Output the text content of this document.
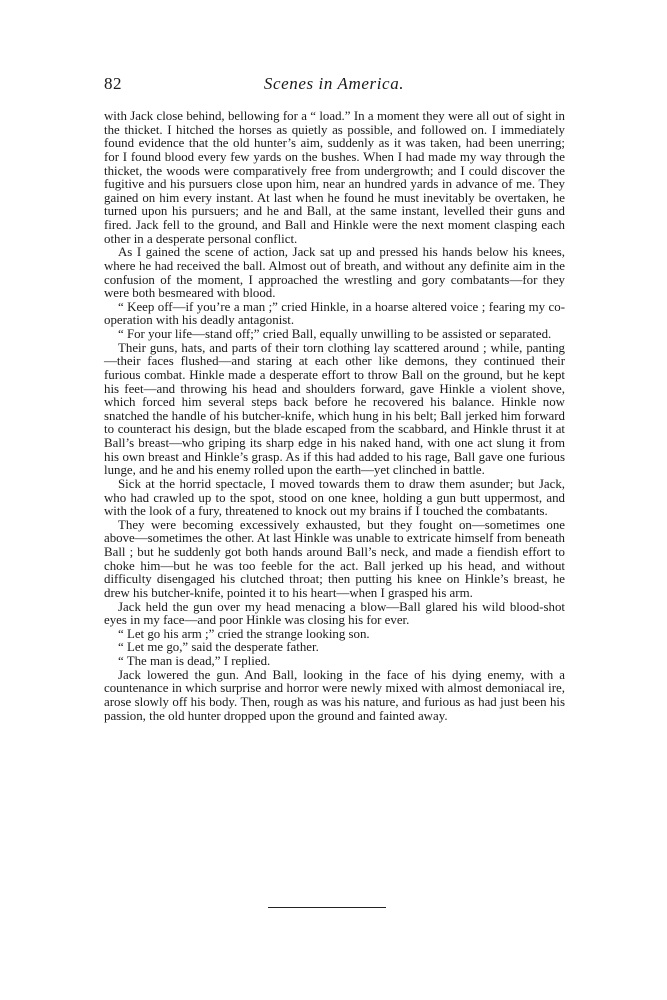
82	Scenes in America.

with Jack close behind, bellowing for a “ load.” In a moment they were all out of sight in the thicket. I hitched the horses as quietly as possible, and followed on. I immediately found evidence that the old hunter’s aim, suddenly as it was taken, had been unerring; for I found blood every few yards on the bushes. When I had made my way through the thicket, the woods were comparatively free from undergrowth; and I could discover the fugitive and his pursuers close upon him, near an hundred yards in advance of me. They gained on him every instant. At last when he found he must inevitably be overtaken, he turned upon his pursuers; and he and Ball, at the same instant, levelled their guns and fired. Jack fell to the ground, and Ball and Hinkle were the next moment clasping each other in a desperate personal conflict.

As I gained the scene of action, Jack sat up and pressed his hands below his knees, where he had received the ball. Almost out of breath, and without any definite aim in the confusion of the moment, I approached the wrestling and gory combatants—for they were both besmeared with blood.

“ Keep off—if you’re a man ;” cried Hinkle, in a hoarse altered voice ; fearing my co-operation with his deadly antagonist.

“ For your life—stand off;” cried Ball, equally unwilling to be assisted or separated.

Their guns, hats, and parts of their torn clothing lay scattered around ; while, panting—their faces flushed—and staring at each other like demons, they continued their furious combat. Hinkle made a desperate effort to throw Ball on the ground, but he kept his feet—and throwing his head and shoulders forward, gave Hinkle a violent shove, which forced him several steps back before he recovered his balance. Hinkle now snatched the handle of his butcher-knife, which hung in his belt; Ball jerked him forward to counteract his design, but the blade escaped from the scabbard, and Hinkle thrust it at Ball’s breast—who griping its sharp edge in his naked hand, with one act slung it from his own breast and Hinkle’s grasp. As if this had added to his rage, Ball gave one furious lunge, and he and his enemy rolled upon the earth—yet clinched in battle.

Sick at the horrid spectacle, I moved towards them to draw them asunder; but Jack, who had crawled up to the spot, stood on one knee, holding a gun butt uppermost, and with the look of a fury, threatened to knock out my brains if I touched the combatants.

They were becoming excessively exhausted, but they fought on—sometimes one above—sometimes the other. At last Hinkle was unable to extricate himself from beneath Ball ; but he suddenly got both hands around Ball’s neck, and made a fiendish effort to choke him—but he was too feeble for the act. Ball jerked up his head, and without difficulty disengaged his clutched throat; then putting his knee on Hinkle’s breast, he drew his butcher-knife, pointed it to his heart—when I grasped his arm.

Jack held the gun over my head menacing a blow—Ball glared his wild blood-shot eyes in my face—and poor Hinkle was closing his for ever.

“ Let go his arm ;” cried the strange looking son.

“ Let me go,” said the desperate father.

“ The man is dead,” I replied.

Jack lowered the gun. And Ball, looking in the face of his dying enemy, with a countenance in which surprise and horror were newly mixed with almost demoniacal ire, arose slowly off his body. Then, rough as was his nature, and furious as had just been his passion, the old hunter dropped upon the ground and fainted away.
